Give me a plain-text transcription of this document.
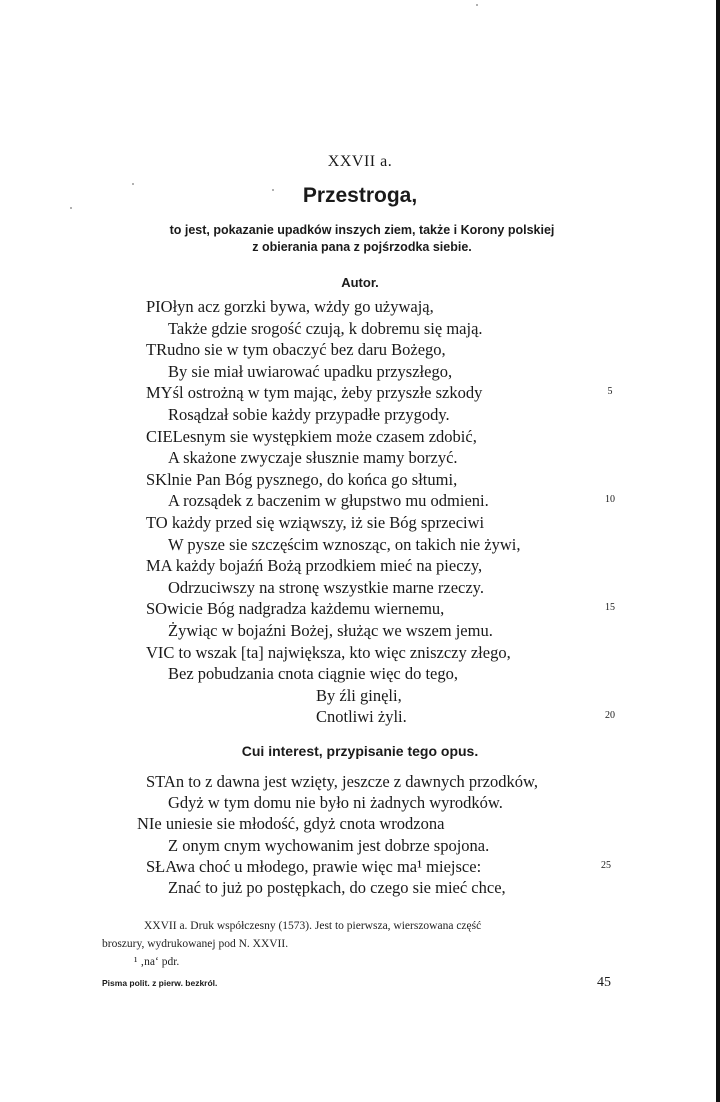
XXVII a.
Przestroga,
to jest, pokazanie upadków inszych ziem, także i Korony polskiej
z obierania pana z pojśrzodka siebie.
Autor.
PIOłyn acz gorzki bywa, wżdy go używają,
Także gdzie srogość czują, k dobremu się mają.
TRudno sie w tym obaczyć bez daru Bożego,
By sie miał uwiarować upadku przyszłego,
MYśl ostrożną w tym mając, żeby przyszłe szkody	5
Rosądzał sobie każdy przypadłe przygody.
CIELesnym sie występkiem może czasem zdobić,
A skażone zwyczaje słusznie mamy borzyć.
SKlnie Pan Bóg pysznego, do końca go słtumi,
A rozsądek z baczenim w głupstwo mu odmieni.	10
TO każdy przed się wziąwszy, iż sie Bóg sprzeciwi
W pysze sie szczęścim wznosząc, on takich nie żywi,
MA każdy bojaźń Bożą przodkiem mieć na pieczy,
Odrzuciwszy na stronę wszystkie marne rzeczy.
SOwicie Bóg nadgradza każdemu wiernemu,	15
Żywiąc w bojaźni Bożej, służąc we wszem jemu.
VIC to wszak [ta] największa, kto więc zniszczy złego,
Bez pobudzania cnota ciągnie więc do tego,
By źli ginęli,
Cnotliwi żyli.	20
Cui interest, przypisanie tego opus.
STAn to z dawna jest wzięty, jeszcze z dawnych przodków,
Gdyż w tym domu nie było ni żadnych wyrodków.
NIe uniesie sie młodość, gdyż cnota wrodzona
Z onym cnym wychowanim jest dobrze spojona.
SŁAwa choć u młodego, prawie więc ma¹ miejsce:	25
Znać to już po postępkach, do czego sie mieć chce,
XXVII a. Druk współczesny (1573). Jest to pierwsza, wierszowana część
broszury, wydrukowanej pod N. XXVII.
¹ ‚na‘ pdr.
Pisma polit. z pierw. bezkról.	45
